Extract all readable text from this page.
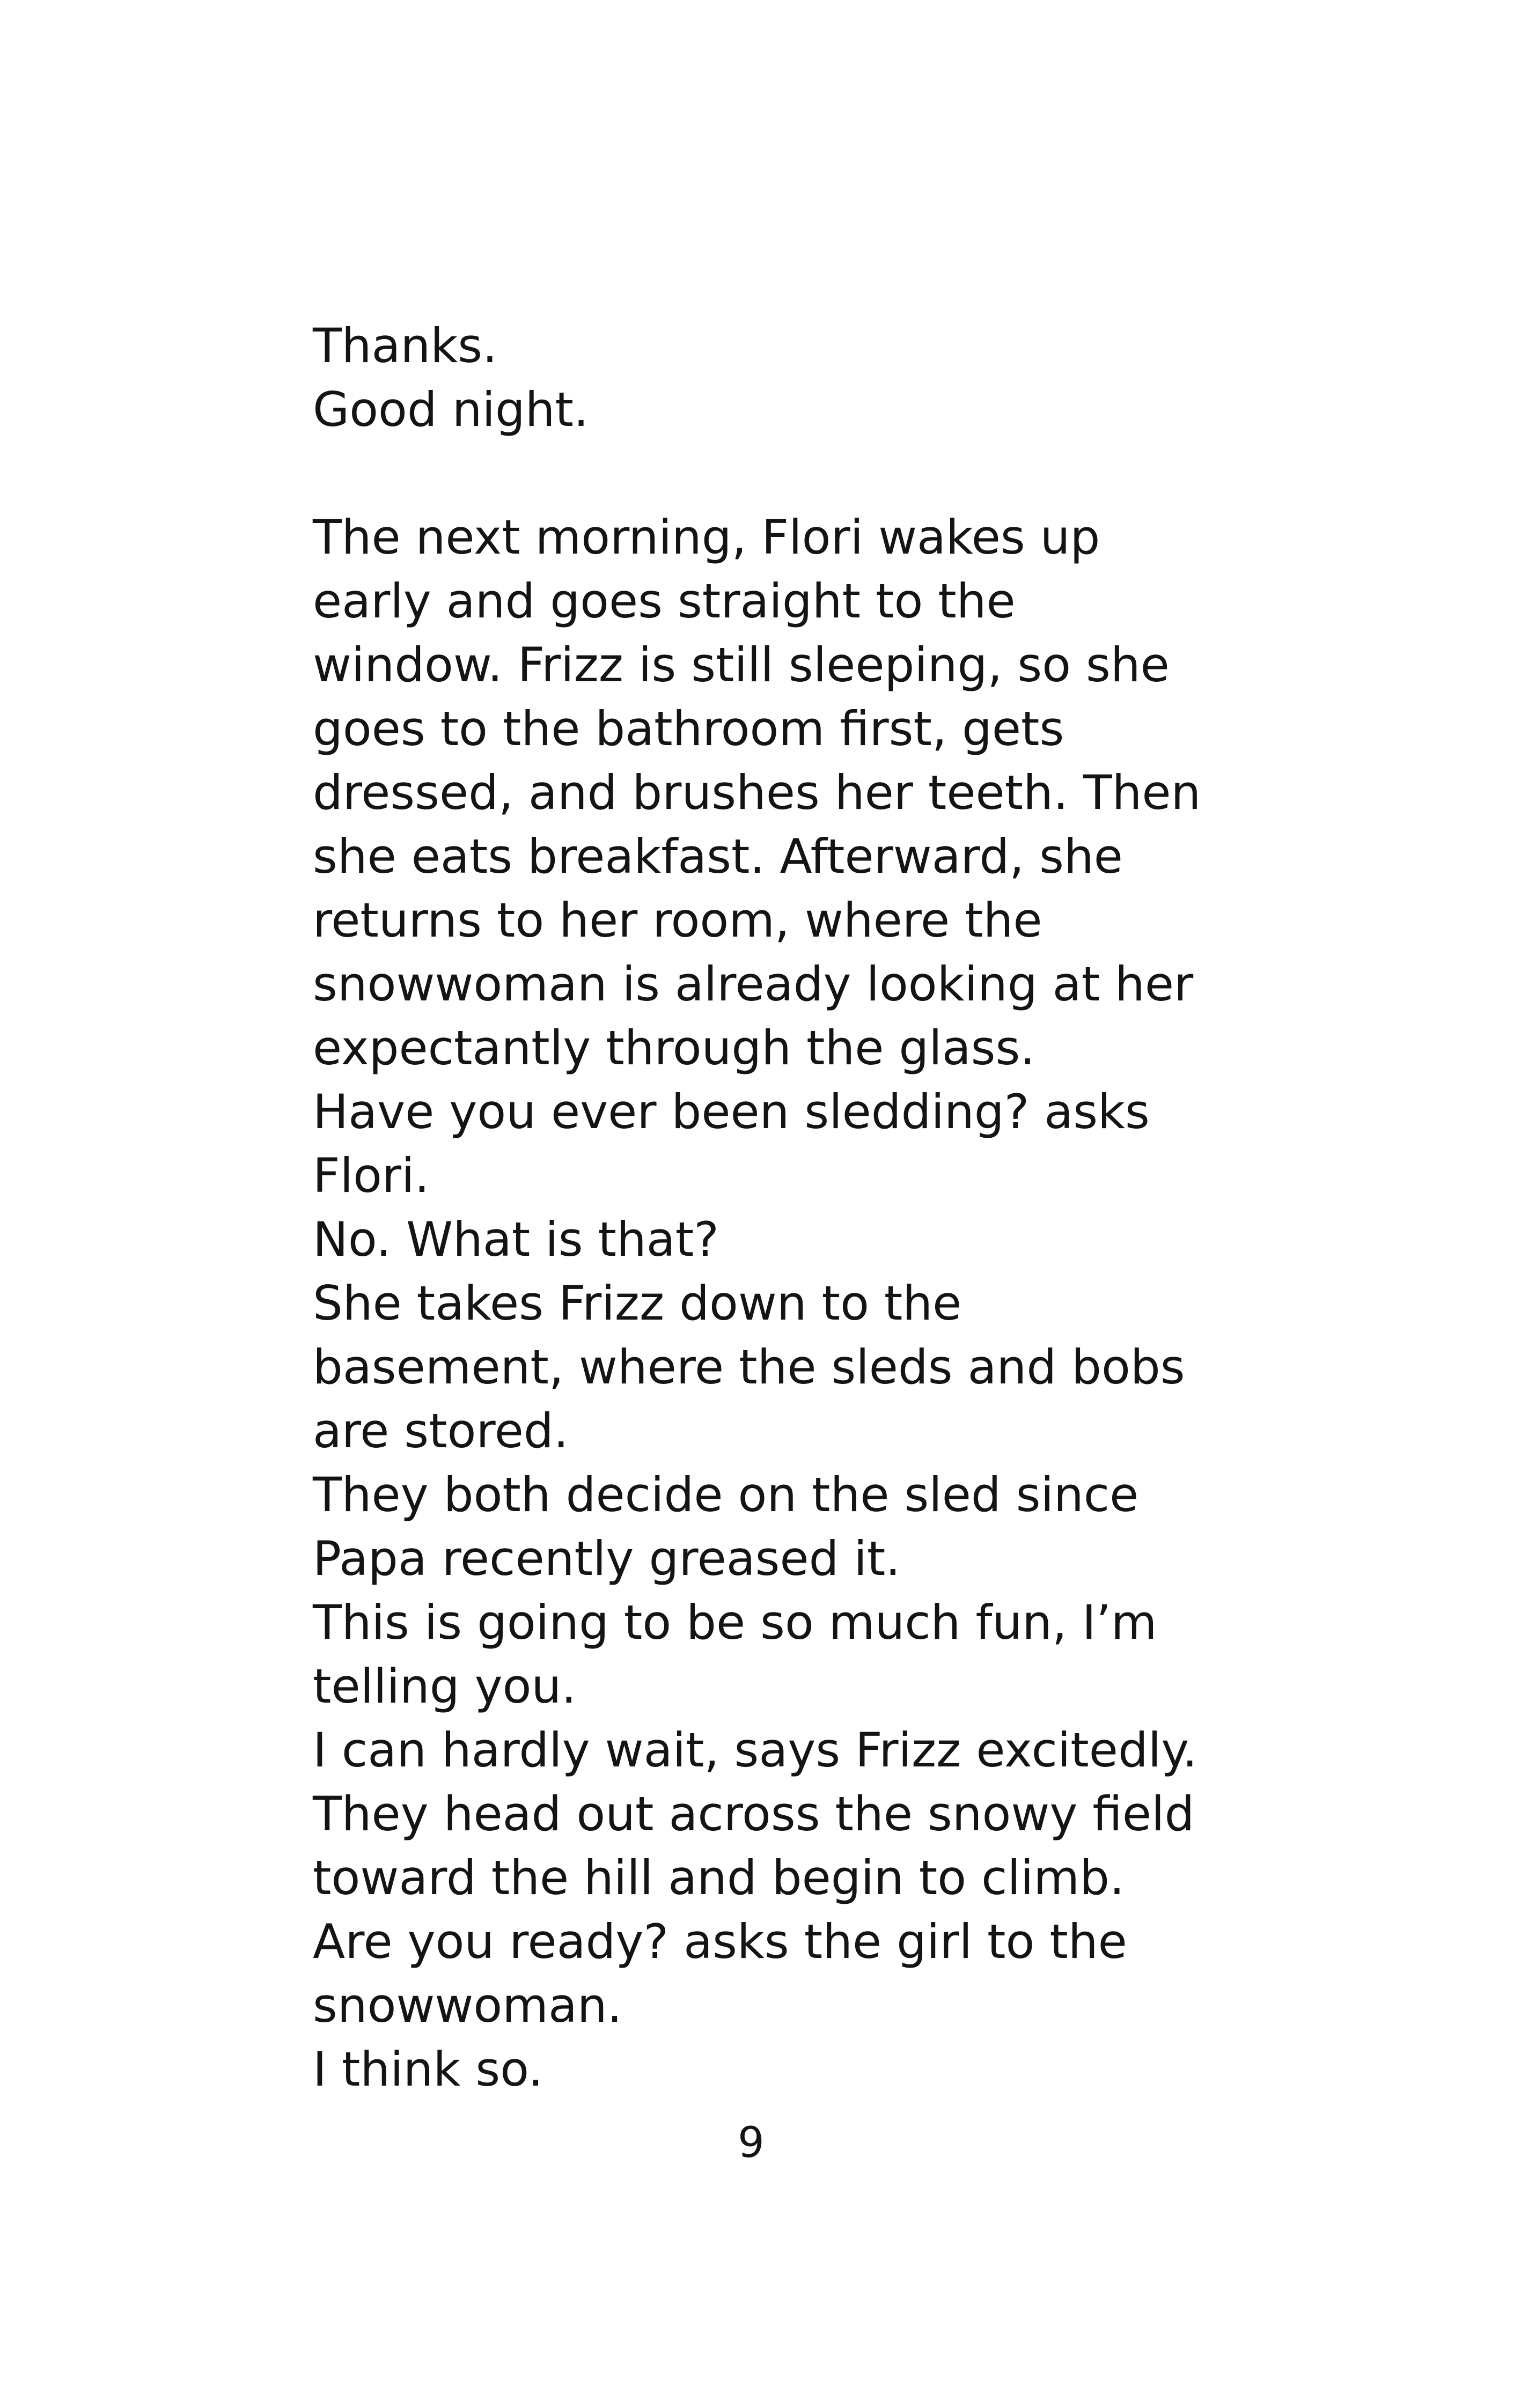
Thanks.
Good night.
The next morning, Flori wakes up
early and goes straight to the
window. Frizz is still sleeping, so she
goes to the bathroom first, gets
dressed, and brushes her teeth. Then
she eats breakfast. Afterward, she
returns to her room, where the
snowwoman is already looking at her
expectantly through the glass.
Have you ever been sledding? asks
Flori.
No. What is that?
She takes Frizz down to the
basement, where the sleds and bobs
are stored.
They both decide on the sled since
Papa recently greased it.
This is going to be so much fun, I’m
telling you.
I can hardly wait, says Frizz excitedly.
They head out across the snowy field
toward the hill and begin to climb.
Are you ready? asks the girl to the
snowwoman.
I think so.
9
